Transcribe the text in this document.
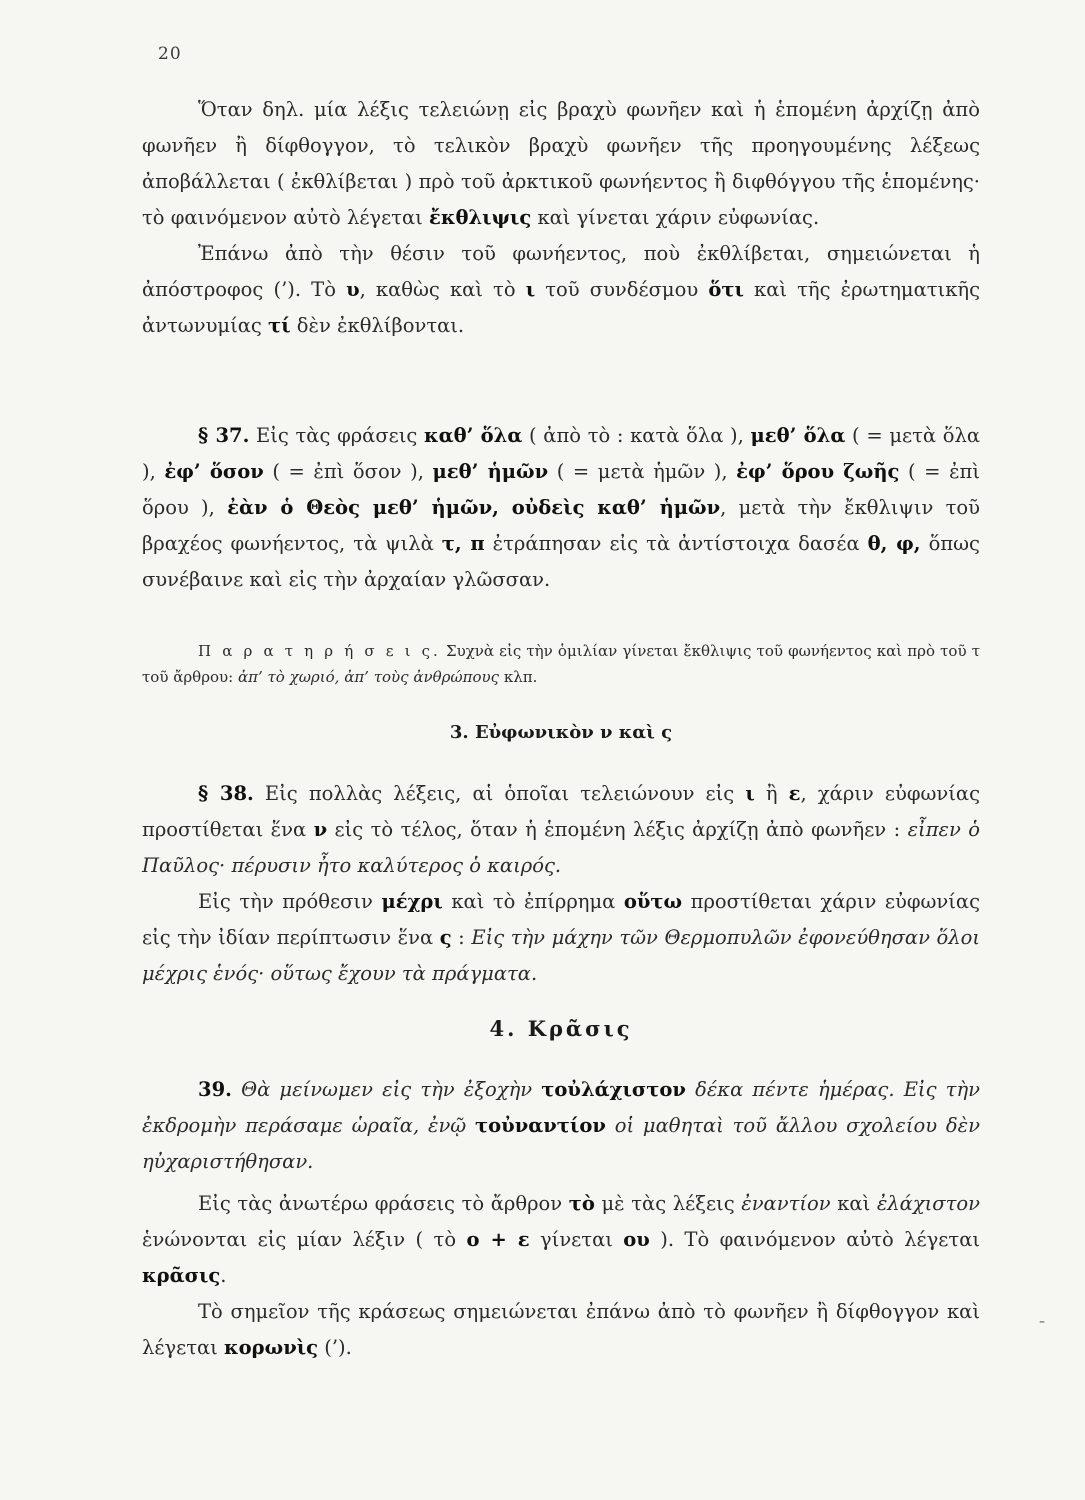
20

Ὅταν δηλ. μία λέξις τελειώνῃ εἰς βραχὺ φωνῆεν καὶ ἡ ἑπομένη ἀρχίζῃ ἀπὸ φωνῆεν ἢ δίφθογγον, τὸ τελικὸν βραχὺ φωνῆεν τῆς προηγουμένης λέξεως ἀποβάλλεται ( ἐκθλίβεται ) πρὸ τοῦ ἀρκτικοῦ φωνήεντος ἢ διφθόγγου τῆς ἑπομένης· τὸ φαινόμενον αὐτὸ λέγεται ἔκθλιψις καὶ γίνεται χάριν εὐφωνίας.

Ἐπάνω ἀπὸ τὴν θέσιν τοῦ φωνήεντος, ποὺ ἐκθλίβεται, σημειώνεται ἡ ἀπόστροφος (’). Τὸ υ, καθὼς καὶ τὸ ι τοῦ συνδέσμου ὅτι καὶ τῆς ἐρωτηματικῆς ἀντωνυμίας τί δὲν ἐκθλίβονται.

§ 37. Εἰς τὰς φράσεις καθ’ ὅλα ( ἀπὸ τὸ : κατὰ ὅλα ), μεθ’ ὅλα ( = μετὰ ὅλα ), ἐφ’ ὅσον ( = ἐπὶ ὅσον ), μεθ’ ἡμῶν ( = μετὰ ἡμῶν ), ἐφ’ ὅρου ζωῆς ( = ἐπὶ ὅρου ), ἐὰν ὁ Θεὸς μεθ’ ἡμῶν, οὐδεὶς καθ’ ἡμῶν, μετὰ τὴν ἔκθλιψιν τοῦ βραχέος φωνήεντος, τὰ ψιλὰ τ, π ἐτράπησαν εἰς τὰ ἀντίστοιχα δασέα θ, φ, ὅπως συνέβαινε καὶ εἰς τὴν ἀρχαίαν γλῶσσαν.

Π α ρ α τ η ρ ή σ ε ι ς. Συχνὰ εἰς τὴν ὁμιλίαν γίνεται ἔκθλιψις τοῦ φωνήεντος καὶ πρὸ τοῦ τ τοῦ ἄρθρου: ἀπ’ τὸ χωριό, ἀπ’ τοὺς ἀνθρώπους κλπ.

3. Εὐφωνικὸν ν καὶ ς

§ 38. Εἰς πολλὰς λέξεις, αἱ ὁποῖαι τελειώνουν εἰς ι ἢ ε, χάριν εὐφωνίας προστίθεται ἕνα ν εἰς τὸ τέλος, ὅταν ἡ ἑπομένη λέξις ἀρχίζῃ ἀπὸ φωνῆεν : εἶπεν ὁ Παῦλος· πέρυσιν ἦτο καλύτερος ὁ καιρός.

Εἰς τὴν πρόθεσιν μέχρι καὶ τὸ ἐπίρρημα οὕτω προστίθεται χάριν εὐφωνίας εἰς τὴν ἰδίαν περίπτωσιν ἕνα ς : Εἰς τὴν μάχην τῶν Θερμοπυλῶν ἐφονεύθησαν ὅλοι μέχρις ἑνός· οὕτως ἔχουν τὰ πράγματα.

4. Κρᾶσις

39. Θὰ μείνωμεν εἰς τὴν ἐξοχὴν τοὐλάχιστον δέκα πέντε ἡμέρας. Εἰς τὴν ἐκδρομὴν περάσαμε ὡραῖα, ἐνῷ τοὐναντίον οἱ μαθηταὶ τοῦ ἄλλου σχολείου δὲν ηὐχαριστήθησαν.

Εἰς τὰς ἀνωτέρω φράσεις τὸ ἄρθρον τὸ μὲ τὰς λέξεις ἐναντίον καὶ ἐλάχιστον ἑνώνονται εἰς μίαν λέξιν ( τὸ ο + ε γίνεται ου ). Τὸ φαινόμενον αὐτὸ λέγεται κρᾶσις.

Τὸ σημεῖον τῆς κράσεως σημειώνεται ἐπάνω ἀπὸ τὸ φωνῆεν ἢ δίφθογγον καὶ λέγεται κορωνὶς (’).

ˉ
